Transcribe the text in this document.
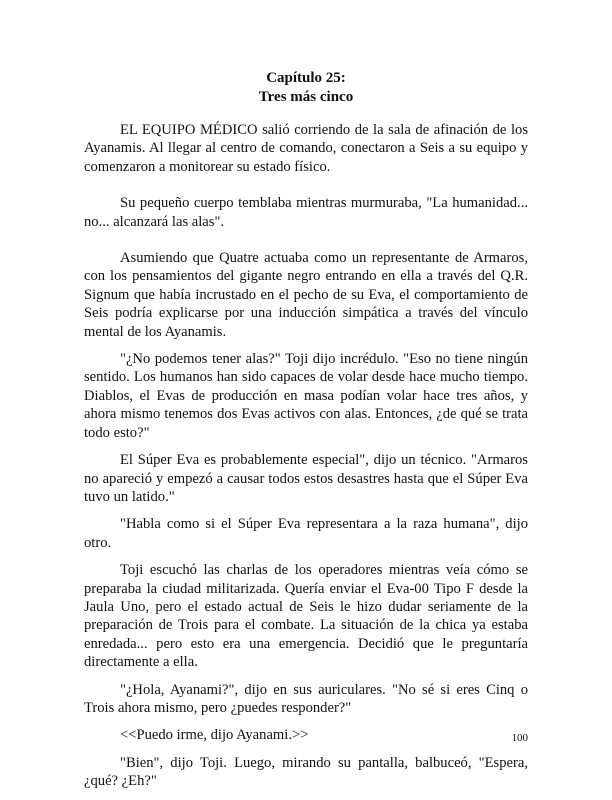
Capítulo 25:
Tres más cinco

EL EQUIPO MÉDICO salió corriendo de la sala de afinación de los Ayanamis. Al llegar al centro de comando, conectaron a Seis a su equipo y comenzaron a monitorear su estado físico.

Su pequeño cuerpo temblaba mientras murmuraba, "La humanidad... no... alcanzará las alas".

Asumiendo que Quatre actuaba como un representante de Armaros, con los pensamientos del gigante negro entrando en ella a través del Q.R. Signum que había incrustado en el pecho de su Eva, el comportamiento de Seis podría explicarse por una inducción simpática a través del vínculo mental de los Ayanamis.

"¿No podemos tener alas?" Toji dijo incrédulo. "Eso no tiene ningún sentido. Los humanos han sido capaces de volar desde hace mucho tiempo. Diablos, el Evas de producción en masa podían volar hace tres años, y ahora mismo tenemos dos Evas activos con alas. Entonces, ¿de qué se trata todo esto?"

El Súper Eva es probablemente especial", dijo un técnico. "Armaros no apareció y empezó a causar todos estos desastres hasta que el Súper Eva tuvo un latido."

"Habla como si el Súper Eva representara a la raza humana", dijo otro.

Toji escuchó las charlas de los operadores mientras veía cómo se preparaba la ciudad militarizada. Quería enviar el Eva-00 Tipo F desde la Jaula Uno, pero el estado actual de Seis le hizo dudar seriamente de la preparación de Trois para el combate. La situación de la chica ya estaba enredada... pero esto era una emergencia. Decidió que le preguntaría directamente a ella.

"¿Hola, Ayanami?", dijo en sus auriculares. "No sé si eres Cinq o Trois ahora mismo, pero ¿puedes responder?"

<<Puedo irme, dijo Ayanami.>>

"Bien", dijo Toji. Luego, mirando su pantalla, balbuceó, "Espera, ¿qué? ¿Eh?"

100
